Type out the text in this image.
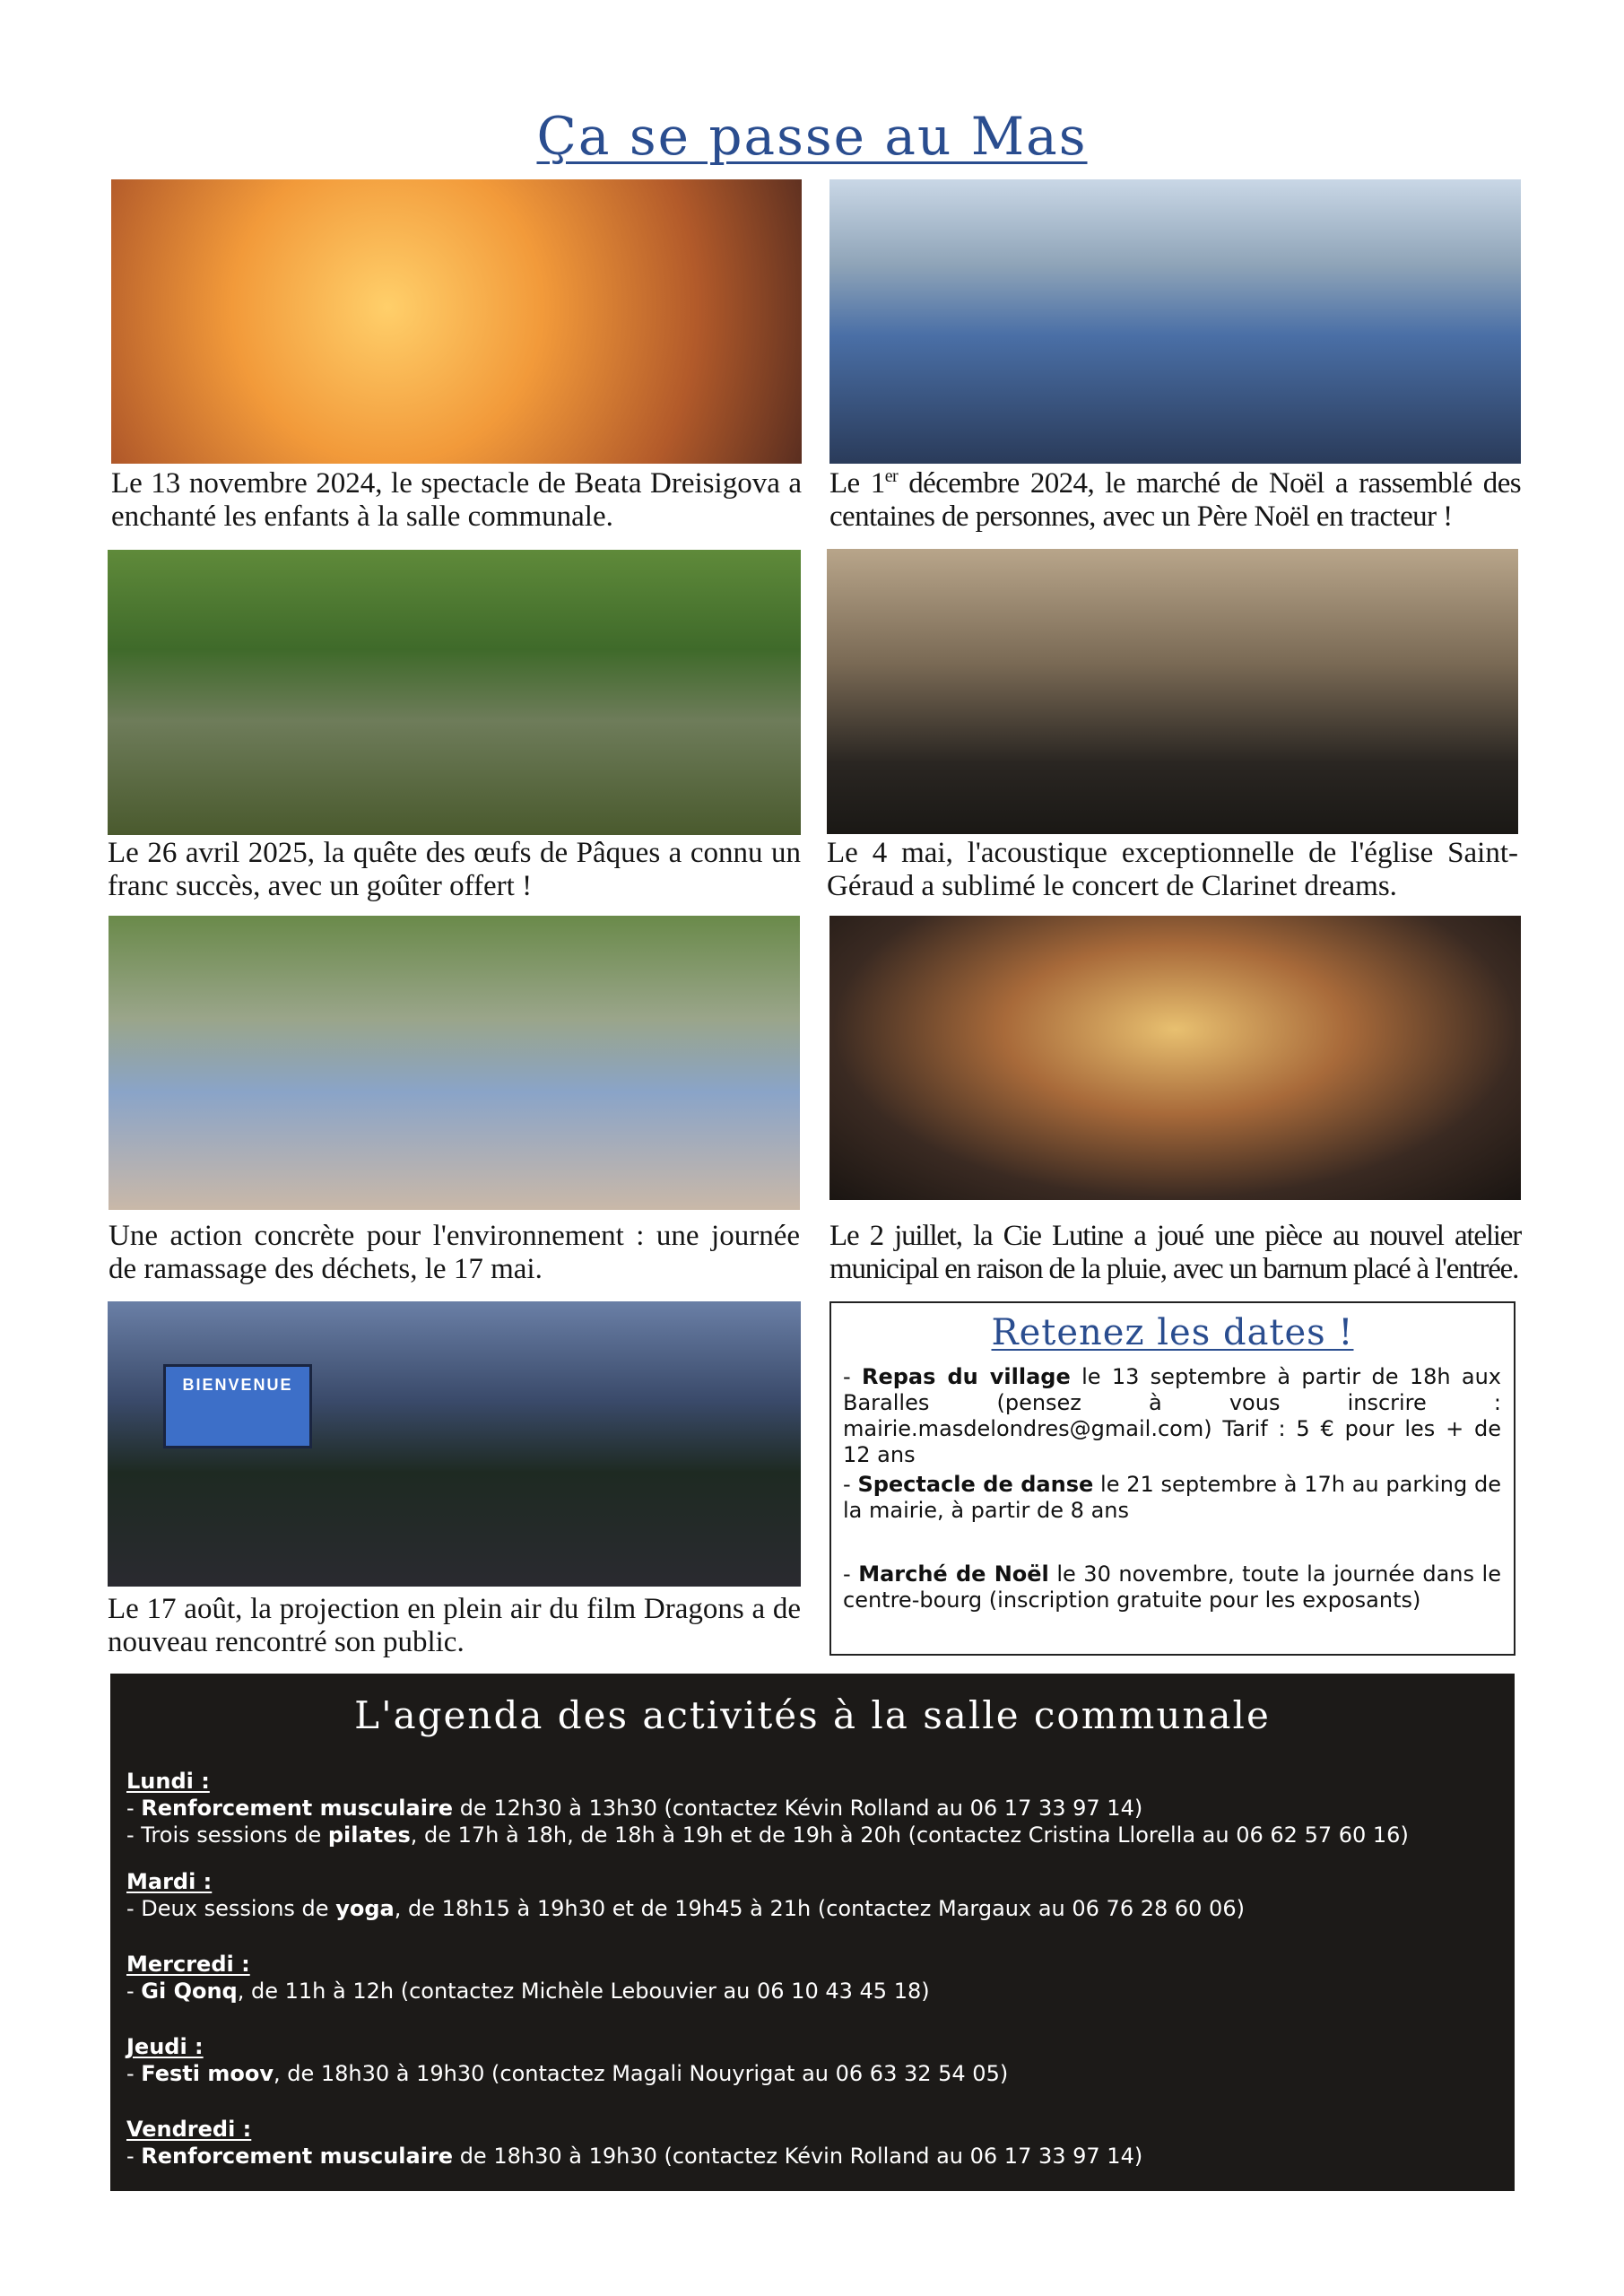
Ça se passe au Mas
Le 13 novembre 2024, le spectacle de Beata Dreisigova a enchanté les enfants à la salle communale.
Le 1er décembre 2024, le marché de Noël a rassemblé des centaines de personnes, avec un Père Noël en tracteur !
Le 26 avril 2025, la quête des œufs de Pâques a connu un franc succès, avec un goûter offert !
Le 4 mai, l'acoustique exceptionnelle de l'église Saint-Géraud a sublimé le concert de Clarinet dreams.
Une action concrète pour l'environnement : une journée de ramassage des déchets, le 17 mai.
Le 2 juillet, la Cie Lutine a joué une pièce au nouvel atelier municipal en raison de la pluie, avec un barnum placé à l'entrée.
BIENVENUE
Le 17 août, la projection en plein air du film Dragons a de nouveau rencontré son public.
Retenez les dates !
- Repas du village le 13 septembre à partir de 18h aux Baralles (pensez à vous inscrire : mairie.masdelondres@gmail.com) Tarif : 5 € pour les + de 12 ans
- Spectacle de danse le 21 septembre à 17h au parking de la mairie, à partir de 8 ans
- Marché de Noël le 30 novembre, toute la journée dans le centre-bourg (inscription gratuite pour les exposants)
L'agenda des activités à la salle communale
Lundi :
- Renforcement musculaire de 12h30 à 13h30 (contactez Kévin Rolland au 06 17 33 97 14)
- Trois sessions de pilates, de 17h à 18h, de 18h à 19h et de 19h à 20h (contactez Cristina Llorella au 06 62 57 60 16)
Mardi :
- Deux sessions de yoga, de 18h15 à 19h30 et de 19h45 à 21h (contactez Margaux au 06 76 28 60 06)
Mercredi :
- Gi Qonq, de 11h à 12h (contactez Michèle Lebouvier au 06 10 43 45 18)
Jeudi :
- Festi moov, de 18h30 à 19h30 (contactez Magali Nouyrigat au 06 63 32 54 05)
Vendredi :
- Renforcement musculaire de 18h30 à 19h30 (contactez Kévin Rolland au 06 17 33 97 14)
